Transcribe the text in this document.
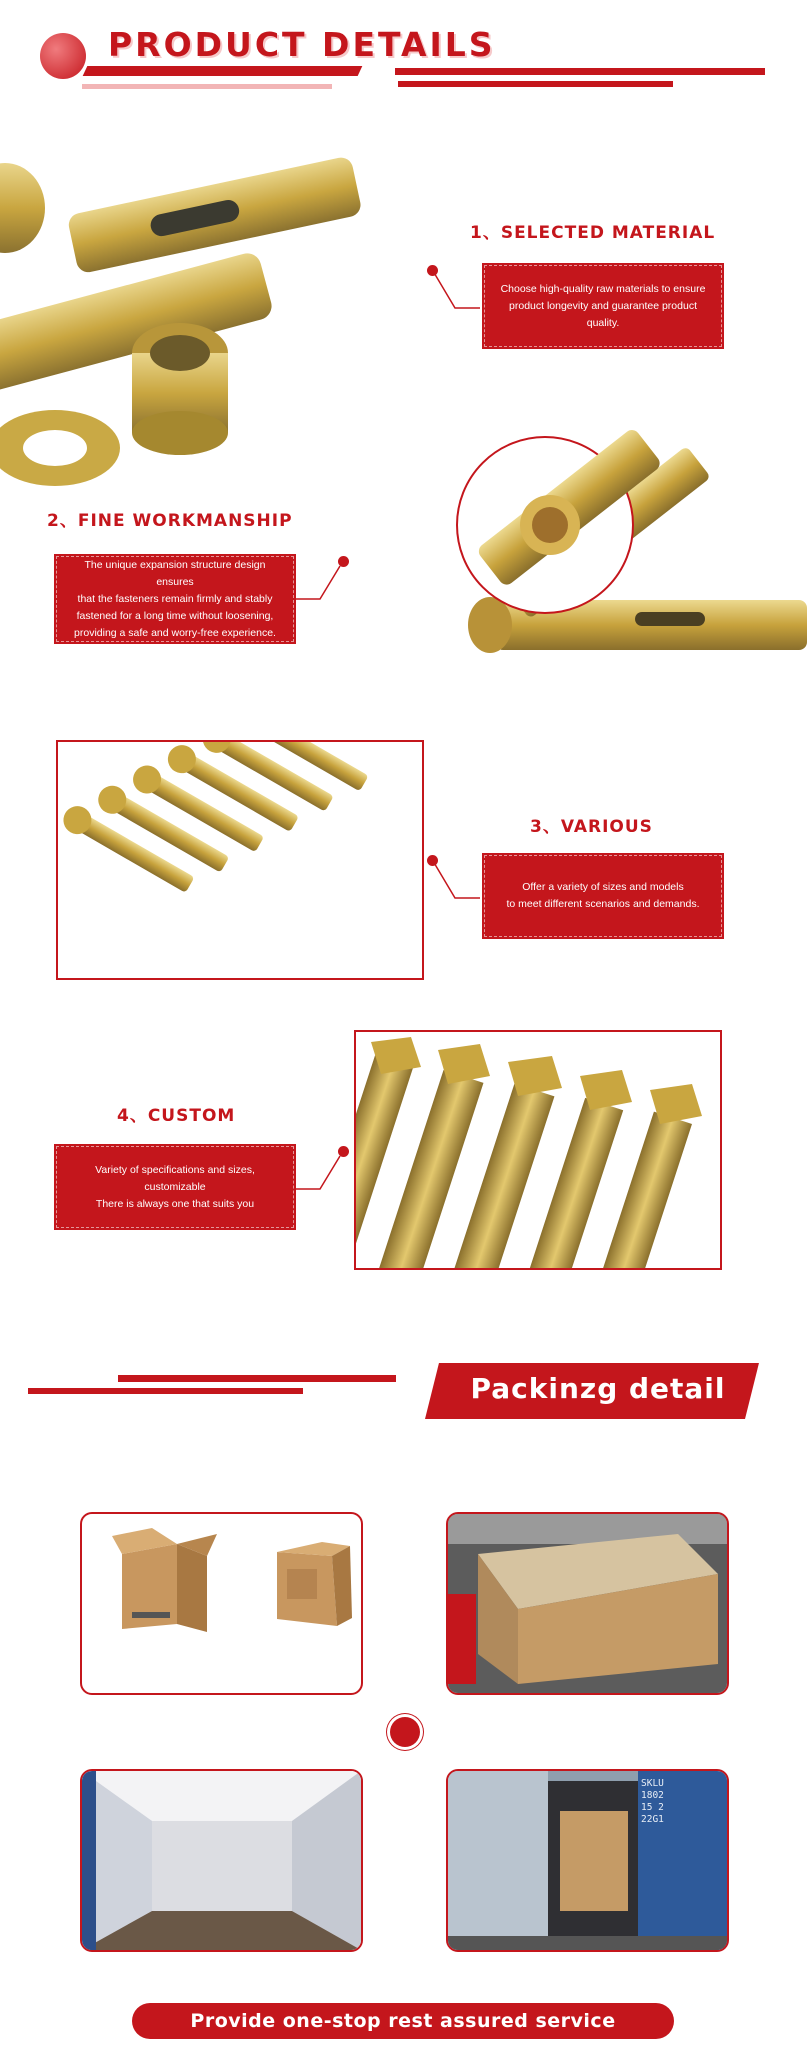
PRODUCT DETAILS
1、SELECTED MATERIAL
Choose high-quality raw materials to ensure
product longevity and guarantee product quality.
2、FINE WORKMANSHIP
The unique expansion structure design ensures
that the fasteners remain firmly and stably
fastened for a long time without loosening,
providing a safe and worry-free experience.
3、VARIOUS
Offer a variety of sizes and models
to meet different scenarios and demands.
4、CUSTOM
Variety of specifications and sizes,
customizable
There is always one that suits you
Packinzg detail
SKLU
1802
15 2
22G1
Provide one-stop rest assured service
